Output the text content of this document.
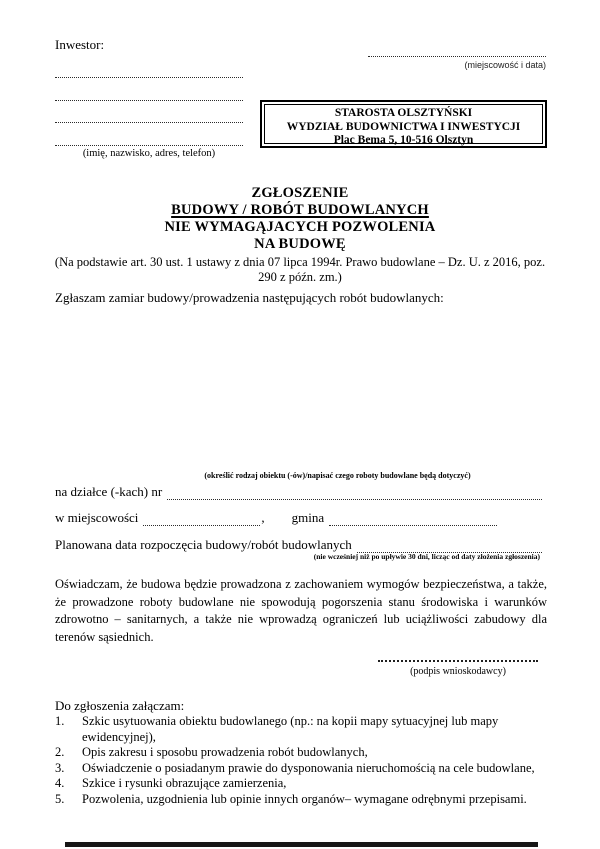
Inwestor:
(imię, nazwisko, adres, telefon)
(miejscowość i data)
STAROSTA OLSZTYŃSKI
WYDZIAŁ BUDOWNICTWA I INWESTYCJI
Plac Bema 5, 10-516 Olsztyn
ZGŁOSZENIE
BUDOWY / ROBÓT BUDOWLANYCH
NIE WYMAGĄJACYCH POZWOLENIA
NA BUDOWĘ
(Na podstawie art. 30 ust. 1 ustawy z dnia 07 lipca 1994r. Prawo budowlane – Dz. U. z 2016, poz.
290 z późn. zm.)
Zgłaszam zamiar budowy/prowadzenia następujących robót budowlanych:
(określić rodzaj obiektu (-ów)/napisać czego roboty budowlane będą dotyczyć)
na działce (-kach) nr
w miejscowości	, gmina
Planowana data rozpoczęcia budowy/robót budowlanych
(nie wcześniej niż po upływie 30 dni, licząc od daty złożenia zgłoszenia)
Oświadczam, że budowa będzie prowadzona z zachowaniem wymogów bezpieczeństwa, a także, że prowadzone roboty budowlane nie spowodują pogorszenia stanu środowiska i warunków zdrowotno – sanitarnych, a także nie wprowadzą ograniczeń lub uciążliwości zabudowy dla terenów sąsiednich.
(podpis wnioskodawcy)
Do zgłoszenia załączam:
1.	Szkic usytuowania obiektu budowlanego (np.: na kopii mapy sytuacyjnej lub mapy ewidencyjnej),
2.	Opis zakresu i sposobu prowadzenia robót budowlanych,
3.	Oświadczenie o posiadanym prawie do dysponowania nieruchomością na cele budowlane,
4.	Szkice i rysunki obrazujące zamierzenia,
5.	Pozwolenia, uzgodnienia lub opinie innych organów– wymagane odrębnymi przepisami.
